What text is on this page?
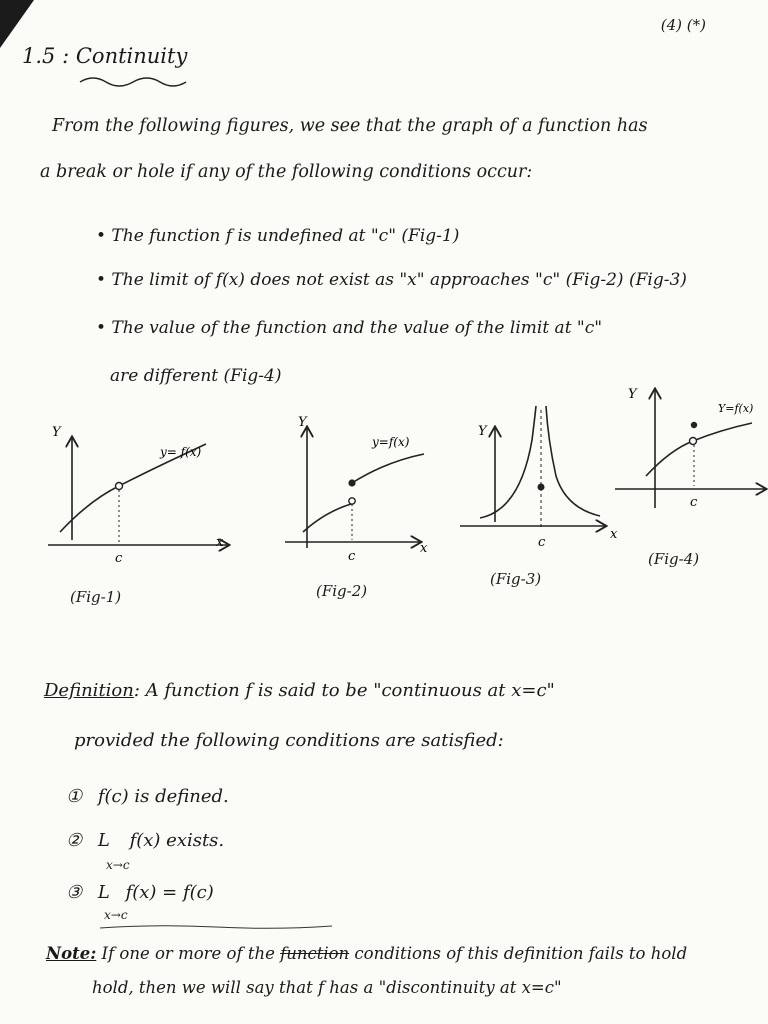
1.5 : Continuity
(4) (*)
From the following figures, we see that the graph of a function has
a break or hole if any of the following conditions occur:
• The function f is undefined at "c" (Fig-1)
• The limit of f(x) does not exist as "x" approaches "c" (Fig-2) (Fig-3)
• The value of the function and the value of the limit at "c"
are different (Fig-4)
Y
x
c
y= f(x)
Y
x
c
y=f(x)
Y
x
c
Y
c
Y=f(x)
(Fig-1)	(Fig-2)
(Fig-3)
(Fig-4)
Definition: A function f is said to be "continuous at x=c"
provided the following conditions are satisfied:
① f(c) is defined.
② L f(x) exists.
x→c
③ L f(x) = f(c)
x→c
Note: If one or more of the function conditions of this definition fails to hold
hold, then we will say that f has a "discontinuity at x=c"
